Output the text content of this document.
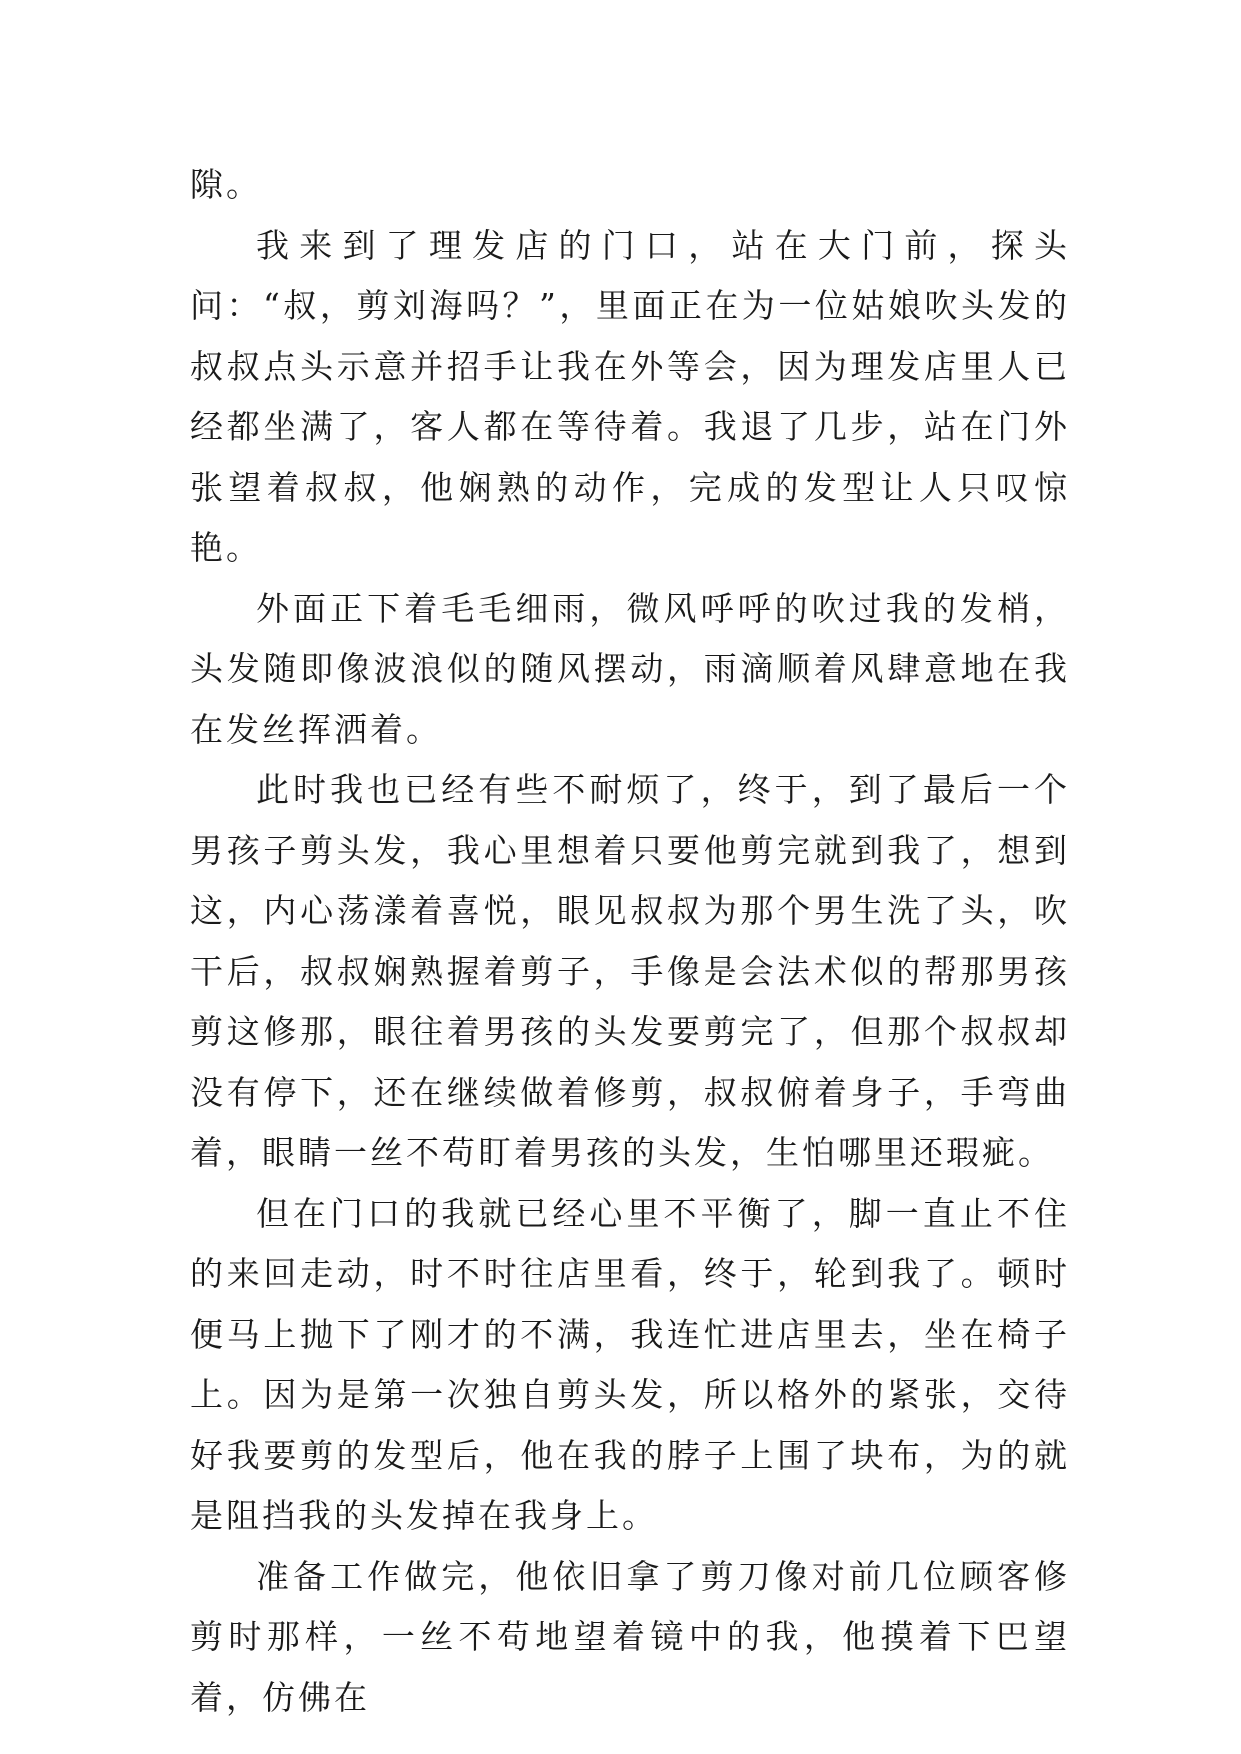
隙。

我来到了理发店的门口，站在大门前，探头问：“叔，剪刘海吗？”，里面正在为一位姑娘吹头发的叔叔点头示意并招手让我在外等会，因为理发店里人已经都坐满了，客人都在等待着。我退了几步，站在门外张望着叔叔，他娴熟的动作，完成的发型让人只叹惊艳。

外面正下着毛毛细雨，微风呼呼的吹过我的发梢，头发随即像波浪似的随风摆动，雨滴顺着风肆意地在我在发丝挥洒着。

此时我也已经有些不耐烦了，终于，到了最后一个男孩子剪头发，我心里想着只要他剪完就到我了，想到这，内心荡漾着喜悦，眼见叔叔为那个男生洗了头，吹干后，叔叔娴熟握着剪子，手像是会法术似的帮那男孩剪这修那，眼往着男孩的头发要剪完了，但那个叔叔却没有停下，还在继续做着修剪，叔叔俯着身子，手弯曲着，眼睛一丝不苟盯着男孩的头发，生怕哪里还瑕疵。

但在门口的我就已经心里不平衡了，脚一直止不住的来回走动，时不时往店里看，终于，轮到我了。顿时便马上抛下了刚才的不满，我连忙进店里去，坐在椅子上。因为是第一次独自剪头发，所以格外的紧张，交待好我要剪的发型后，他在我的脖子上围了块布，为的就是阻挡我的头发掉在我身上。

准备工作做完，他依旧拿了剪刀像对前几位顾客修剪时那样，一丝不苟地望着镜中的我，他摸着下巴望着，仿佛在
